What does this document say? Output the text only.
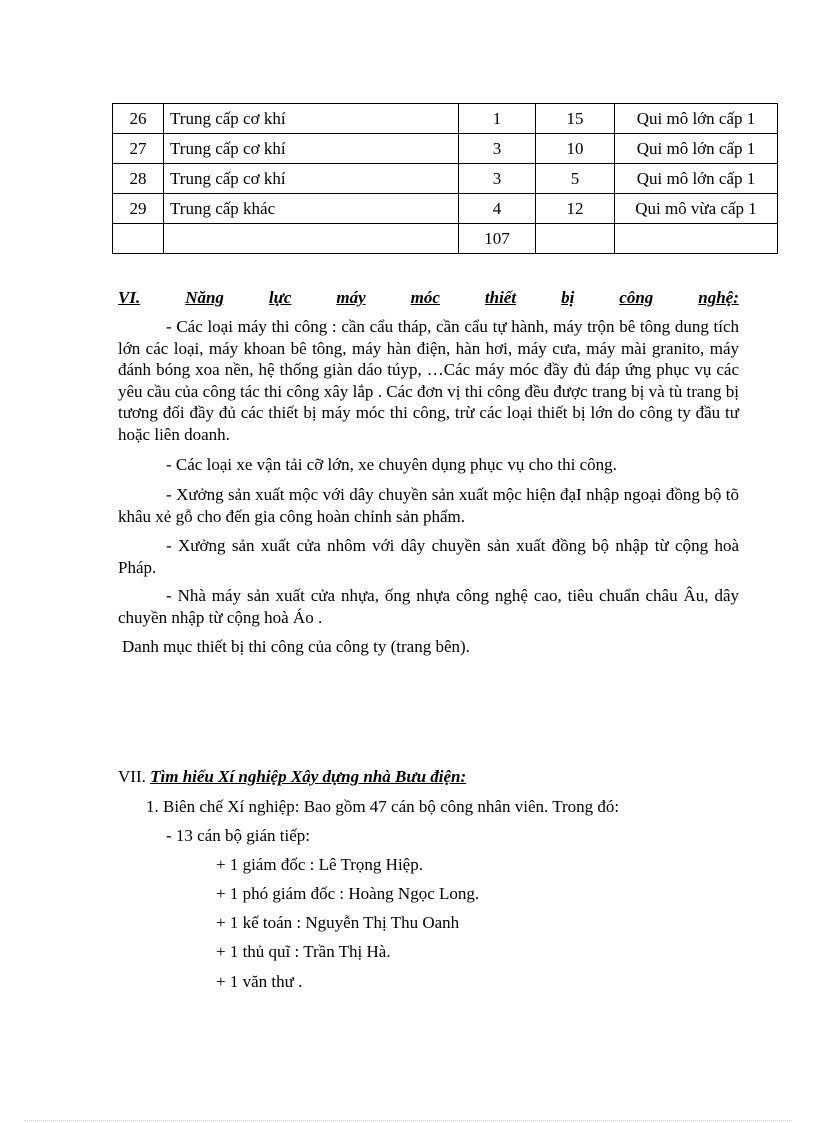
26	Trung cấp cơ khí	1	15	Qui mô lớn cấp 1
27	Trung cấp cơ khí	3	10	Qui mô lớn cấp 1
28	Trung cấp cơ khí	3	5	Qui mô lớn cấp 1
29	Trung cấp khác	4	12	Qui mô vừa cấp 1
		107		
VI.	Năng	lực	máy	móc	thiết	bị	công	nghệ:

- Các loại máy thi công : cần cẩu tháp, cần cẩu tự hành, máy trộn bê tông dung tích lớn các loại, máy khoan bê tông, máy hàn điện, hàn hơi, máy cưa, máy mài granito, máy đánh bóng xoa nền, hệ thống giàn dáo túyp, …Các máy móc đầy đủ đáp ứng phục vụ các yêu cầu của công tác thi công xây lắp . Các đơn vị thi công đều được trang bị và tù trang bị tương đối đầy đủ các thiết bị máy móc thi công, trừ các loại thiết bị lớn do công ty đầu tư hoặc liên doanh.

- Các loại xe vận tải cỡ lớn, xe chuyên dụng phục vụ cho thi công.

- Xưởng sản xuất mộc với dây chuyền sản xuất mộc hiện đạI nhập ngoại đồng bộ tõ khâu xẻ gỗ cho đến gia công hoàn chỉnh sản phẩm.

- Xưởng sản xuất cửa nhôm với dây chuyền sản xuất đồng bộ nhập từ cộng hoà Pháp.

- Nhà máy sản xuất cửa nhựa, ống nhựa công nghệ cao, tiêu chuẩn châu Âu, dây chuyền nhập từ cộng hoà Áo .

Danh mục thiết bị thi công của công ty (trang bên).
VII. Tìm hiểu Xí nghiệp Xây dựng nhà Bưu điện:
1. Biên chế Xí nghiệp: Bao gồm 47 cán bộ công nhân viên. Trong đó:
- 13 cán bộ gián tiếp:
+ 1 giám đốc : Lê Trọng Hiệp.
+ 1 phó giám đốc : Hoàng Ngọc Long.
+ 1 kế toán : Nguyễn Thị Thu Oanh
+ 1 thủ quĩ : Trần Thị Hà.
+ 1 văn thư .
